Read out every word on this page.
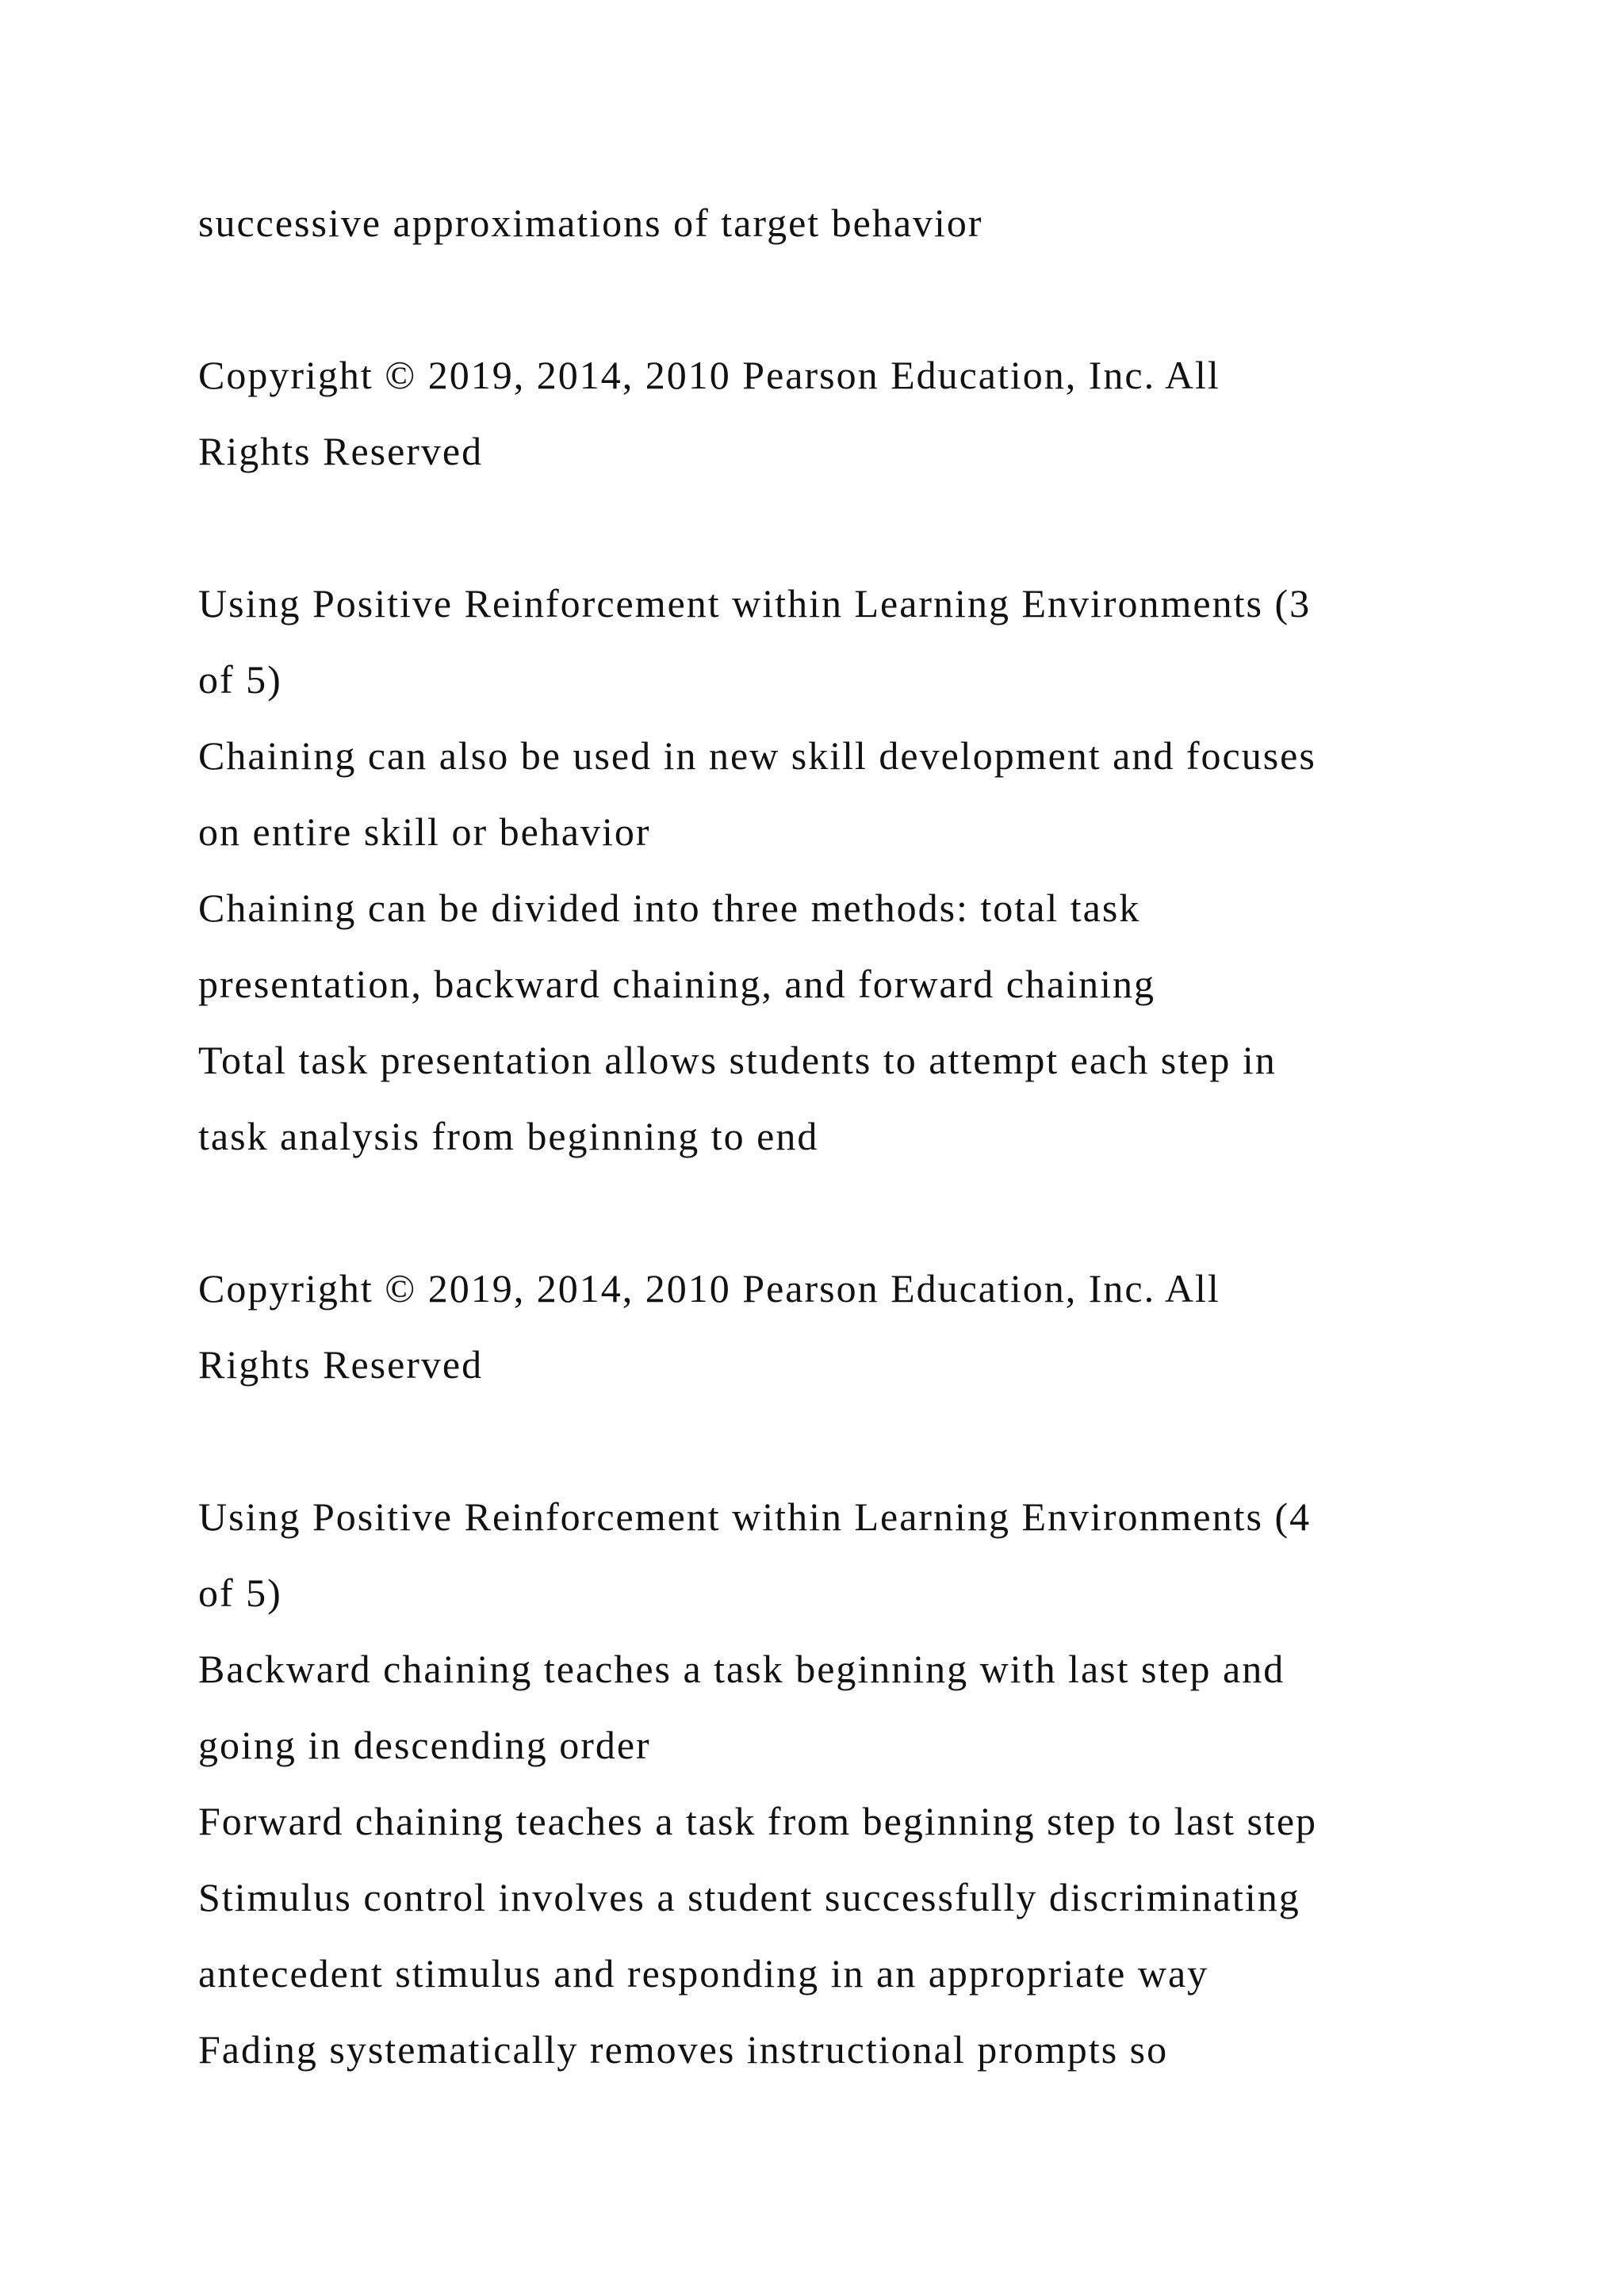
successive approximations of target behavior
Copyright © 2019, 2014, 2010 Pearson Education, Inc. All
Rights Reserved
Using Positive Reinforcement within Learning Environments (3
of 5)
Chaining can also be used in new skill development and focuses
on entire skill or behavior
Chaining can be divided into three methods: total task
presentation, backward chaining, and forward chaining
Total task presentation allows students to attempt each step in
task analysis from beginning to end
Copyright © 2019, 2014, 2010 Pearson Education, Inc. All
Rights Reserved
Using Positive Reinforcement within Learning Environments (4
of 5)
Backward chaining teaches a task beginning with last step and
going in descending order
Forward chaining teaches a task from beginning step to last step
Stimulus control involves a student successfully discriminating
antecedent stimulus and responding in an appropriate way
Fading systematically removes instructional prompts so
